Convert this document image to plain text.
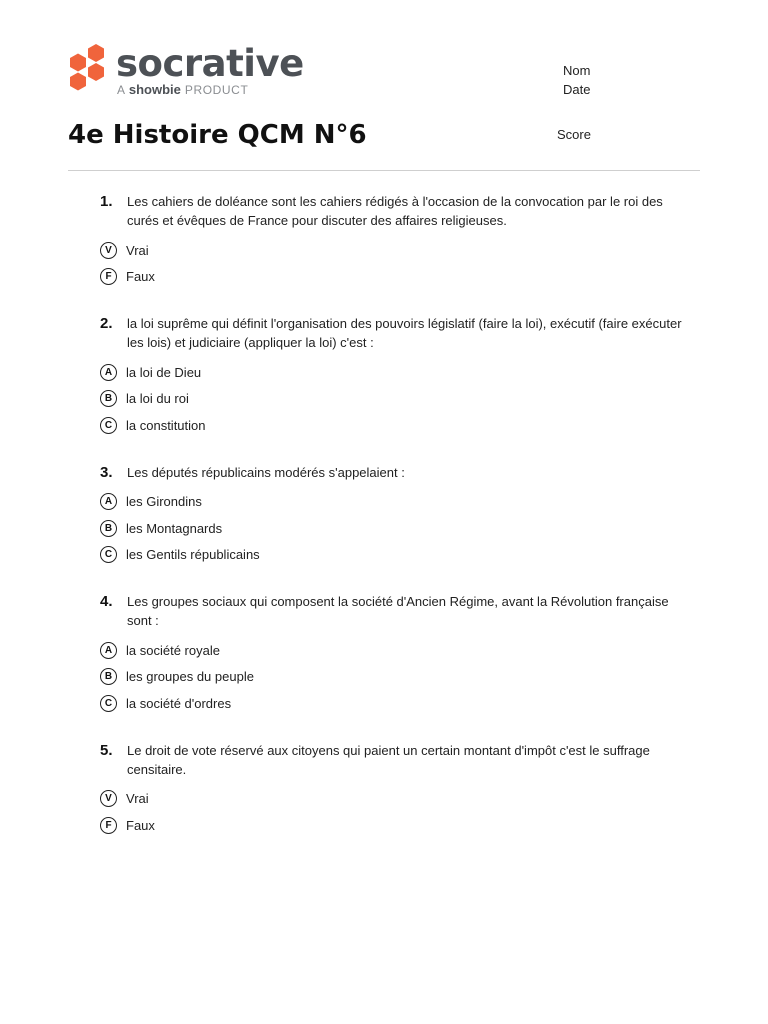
socrative
A showbie PRODUCT
Nom
Date
4e Histoire QCM N°6	Score
1.	Les cahiers de doléance sont les cahiers rédigés à l'occasion de la convocation par le roi des curés et évêques de France pour discuter des affaires religieuses.
V	Vrai
F	Faux
2.	la loi suprême qui définit l'organisation des pouvoirs législatif (faire la loi), exécutif (faire exécuter les lois) et judiciaire (appliquer la loi) c'est :
A	la loi de Dieu
B	la loi du roi
C	la constitution
3.	Les députés républicains modérés s'appelaient :
A	les Girondins
B	les Montagnards
C	les Gentils républicains
4.	Les groupes sociaux qui composent la société d'Ancien Régime, avant la Révolution française sont :
A	la société royale
B	les groupes du peuple
C	la société d'ordres
5.	Le droit de vote réservé aux citoyens qui paient un certain montant d'impôt c'est le suffrage censitaire.
V	Vrai
F	Faux
